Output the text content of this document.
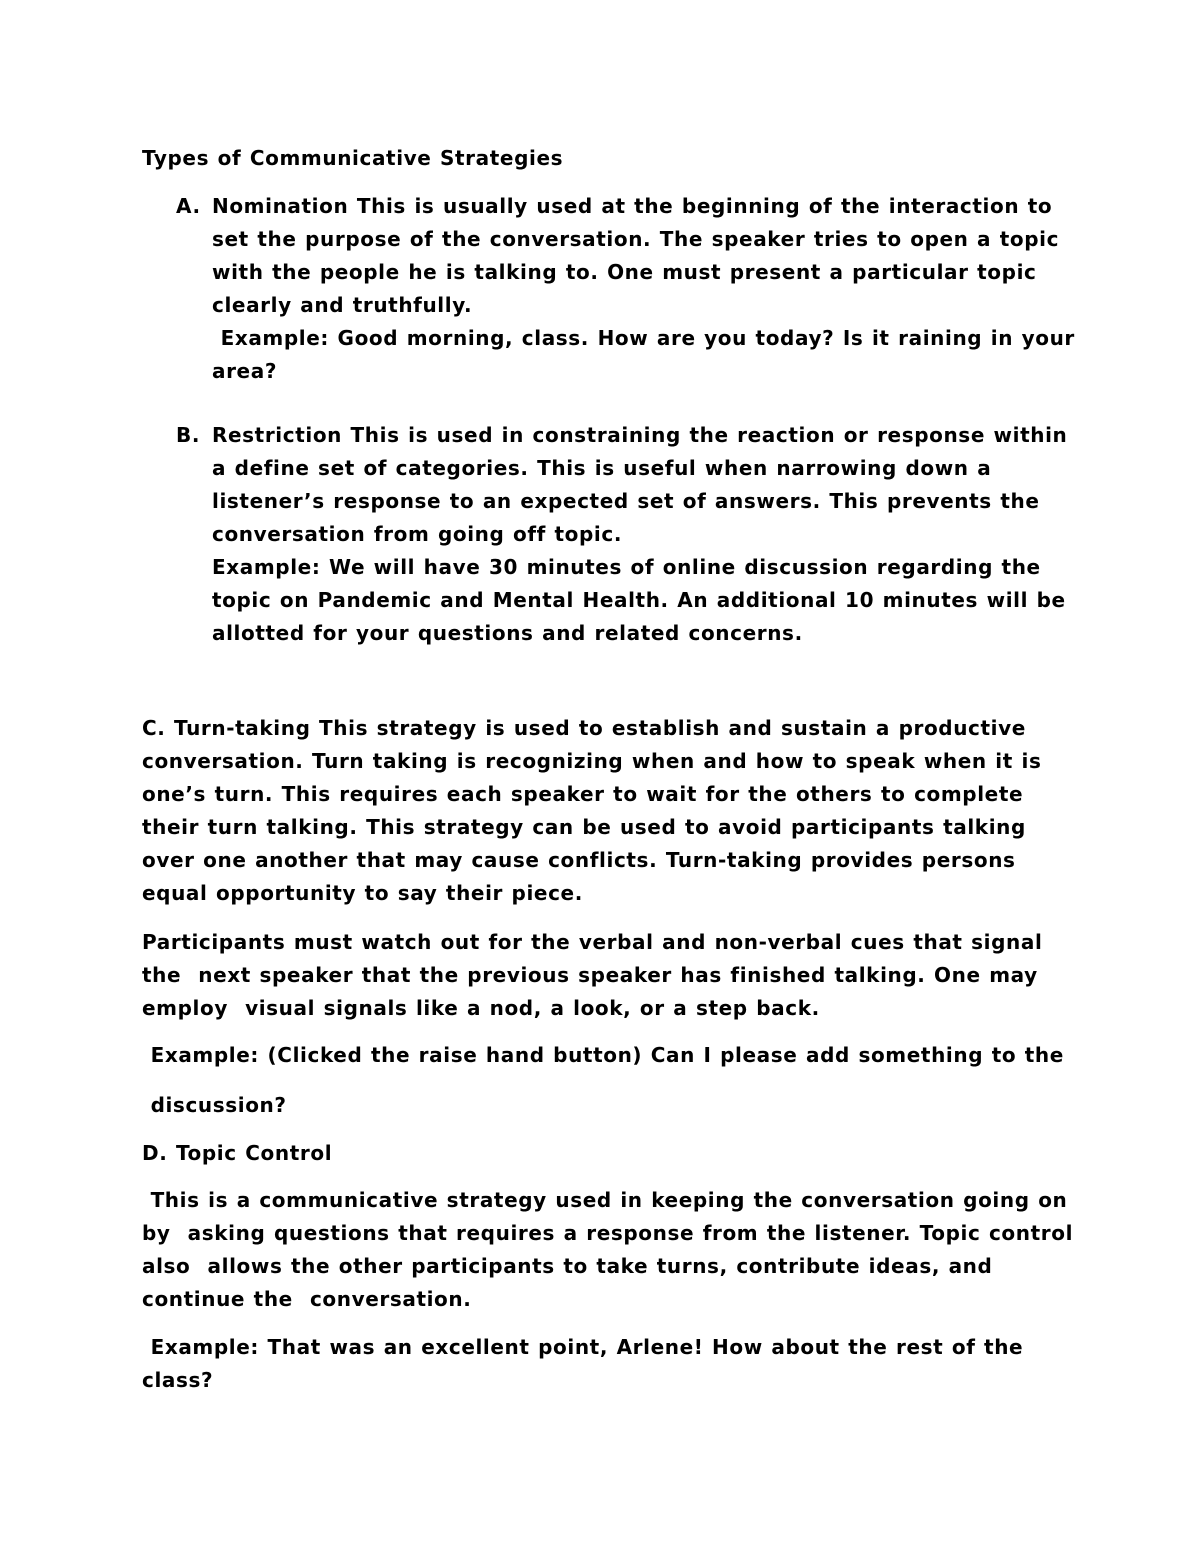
Types of Communicative Strategies
A. Nomination This is usually used at the beginning of the interaction to
set the purpose of the conversation. The speaker tries to open a topic
with the people he is talking to. One must present a particular topic
clearly and truthfully.
Example: Good morning, class. How are you today? Is it raining in your
area?
B. Restriction This is used in constraining the reaction or response within
a define set of categories. This is useful when narrowing down a
listener’s response to an expected set of answers. This prevents the
conversation from going off topic.
Example: We will have 30 minutes of online discussion regarding the
topic on Pandemic and Mental Health. An additional 10 minutes will be
allotted for your questions and related concerns.
C. Turn-taking This strategy is used to establish and sustain a productive
conversation. Turn taking is recognizing when and how to speak when it is
one’s turn. This requires each speaker to wait for the others to complete
their turn talking. This strategy can be used to avoid participants talking
over one another that may cause conflicts. Turn-taking provides persons
equal opportunity to say their piece.
Participants must watch out for the verbal and non-verbal cues that signal
the  next speaker that the previous speaker has finished talking. One may
employ  visual signals like a nod, a look, or a step back.
Example: (Clicked the raise hand button) Can I please add something to the
discussion?
D. Topic Control
This is a communicative strategy used in keeping the conversation going on
by  asking questions that requires a response from the listener. Topic control
also  allows the other participants to take turns, contribute ideas, and
continue the  conversation.
Example: That was an excellent point, Arlene! How about the rest of the
class?
